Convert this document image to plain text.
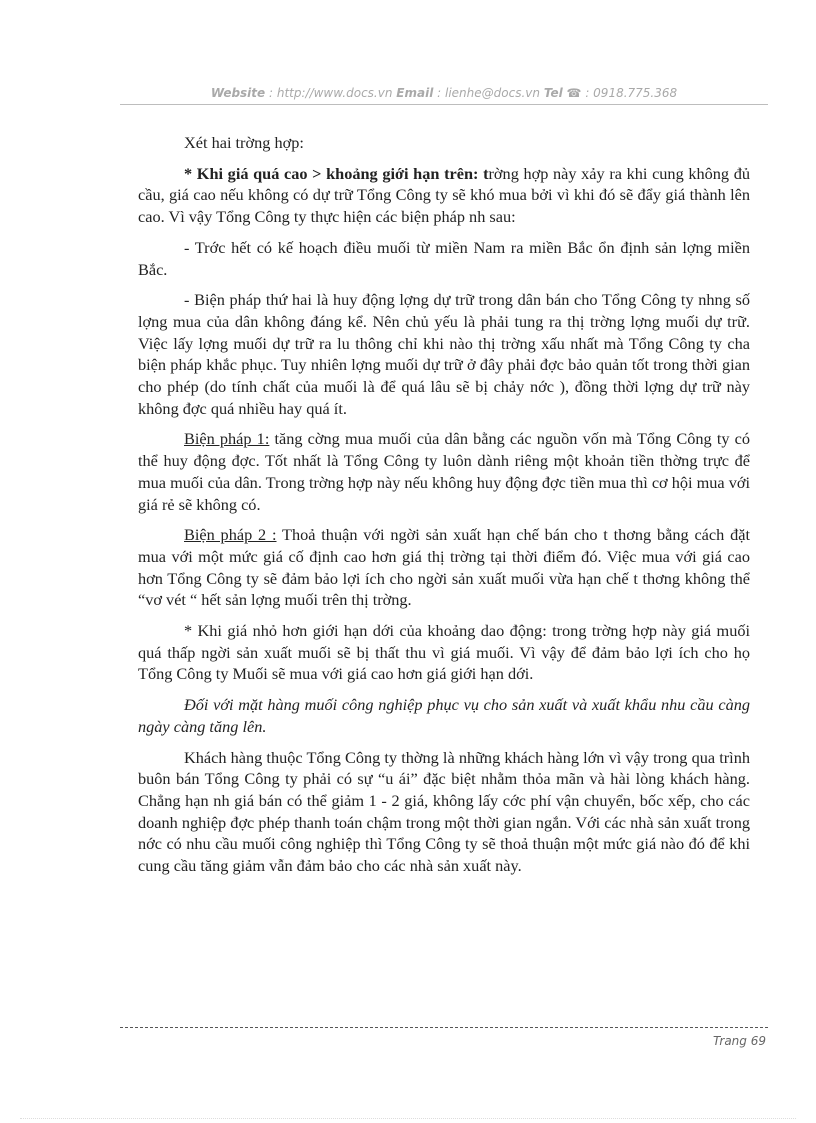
Website : http://www.docs.vn Email : lienhe@docs.vn Tel ☎ : 0918.775.368

Xét hai trờng hợp:

* Khi giá quá cao > khoảng giới hạn trên: trờng hợp này xảy ra khi cung không đủ cầu, giá cao nếu không có dự trữ Tổng Công ty sẽ khó mua bởi vì khi đó sẽ đẩy giá thành lên cao. Vì vậy Tổng Công ty thực hiện các biện pháp nh sau:

- Trớc hết có kế hoạch điều muối từ miền Nam ra miền Bắc ổn định sản lợng miền Bắc.

- Biện pháp thứ hai là huy động lợng dự trữ trong dân bán cho Tổng Công ty nhng số lợng mua của dân không đáng kể. Nên chủ yếu là phải tung ra thị trờng lợng muối dự trữ. Việc lấy lợng muối dự trữ ra lu thông chỉ khi nào thị trờng xấu nhất mà Tổng Công ty cha biện pháp khắc phục. Tuy nhiên lợng muối dự trữ ở đây phải đợc bảo quản tốt trong thời gian cho phép (do tính chất của muối là để quá lâu sẽ bị chảy nớc ), đồng thời lợng dự trữ này không đợc quá nhiều hay quá ít.

Biện pháp 1: tăng cờng mua muối của dân bằng các nguồn vốn mà Tổng Công ty có thể huy động đợc. Tốt nhất là Tổng Công ty luôn dành riêng một khoản tiền thờng trực để mua muối của dân. Trong trờng hợp này nếu không huy động đợc tiền mua thì cơ hội mua với giá rẻ sẽ không có.

Biện pháp 2 : Thoả thuận với ngời sản xuất hạn chế bán cho t thơng bằng cách đặt mua với một mức giá cố định cao hơn giá thị trờng tại thời điểm đó. Việc mua với giá cao hơn Tổng Công ty sẽ đảm bảo lợi ích cho ngời sản xuất muối vừa hạn chế t thơng không thể “vơ vét “ hết sản lợng muối trên thị trờng.

* Khi giá nhỏ hơn giới hạn dới của khoảng dao động: trong trờng hợp này giá muối quá thấp ngời sản xuất muối sẽ bị thất thu vì giá muối. Vì vậy để đảm bảo lợi ích cho họ Tổng Công ty Muối sẽ mua với giá cao hơn giá giới hạn dới.

Đối với mặt hàng muối công nghiệp phục vụ cho sản xuất và xuất khẩu nhu cầu càng ngày càng tăng lên.

Khách hàng thuộc Tổng Công ty thờng là những khách hàng lớn vì vậy trong qua trình buôn bán Tổng Công ty phải có sự “u ái” đặc biệt nhằm thỏa mãn và hài lòng khách hàng. Chẳng hạn nh giá bán có thể giảm 1 - 2 giá, không lấy cớc phí vận chuyển, bốc xếp, cho các doanh nghiệp đợc phép thanh toán chậm trong một thời gian ngắn. Với các nhà sản xuất trong nớc có nhu cầu muối công nghiệp thì Tổng Công ty sẽ thoả thuận một mức giá nào đó để khi cung cầu tăng giảm vẫn đảm bảo cho các nhà sản xuất này.

Trang 69
